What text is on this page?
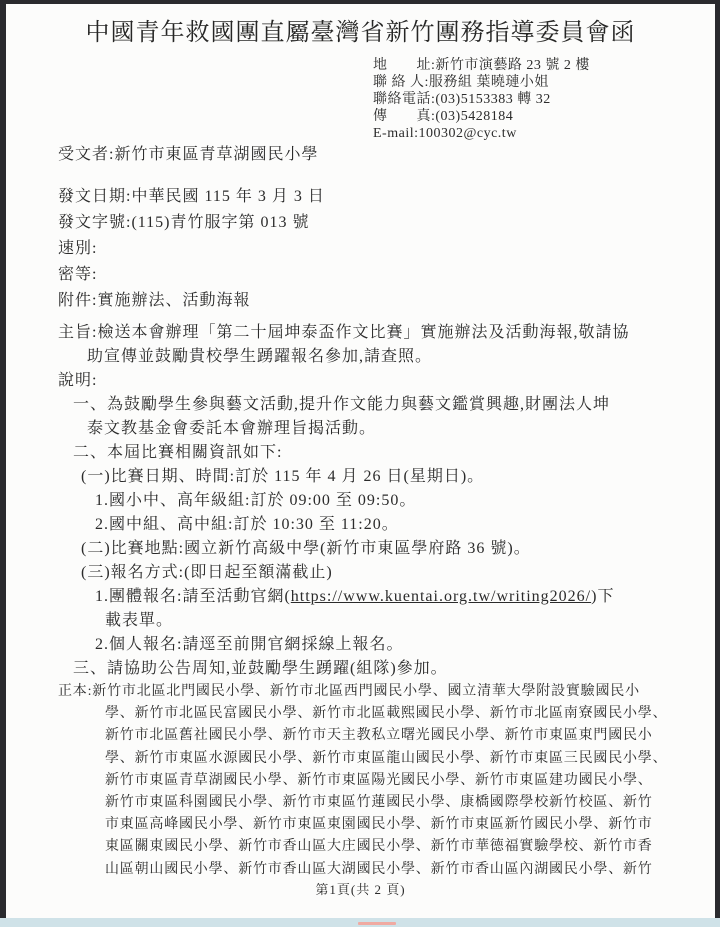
中國青年救國團直屬臺灣省新竹團務指導委員會函
地　　址:新竹市演藝路 23 號 2 樓
聯 絡 人:服務組 葉曉璉小姐
聯絡電話:(03)5153383 轉 32
傳　　真:(03)5428184
E-mail:100302@cyc.tw
受文者:新竹市東區青草湖國民小學
發文日期:中華民國 115 年 3 月 3 日
發文字號:(115)青竹服字第 013 號
速別:
密等:
附件:實施辦法、活動海報
主旨:檢送本會辦理「第二十屆坤泰盃作文比賽」實施辦法及活動海報,敬請協
助宣傳並鼓勵貴校學生踴躍報名參加,請查照。
說明:
一、為鼓勵學生參與藝文活動,提升作文能力與藝文鑑賞興趣,財團法人坤
泰文教基金會委託本會辦理旨揭活動。
二、本屆比賽相關資訊如下:
(一)比賽日期、時間:訂於 115 年 4 月 26 日(星期日)。
1.國小中、高年級組:訂於 09:00 至 09:50。
2.國中組、高中組:訂於 10:30 至 11:20。
(二)比賽地點:國立新竹高級中學(新竹市東區學府路 36 號)。
(三)報名方式:(即日起至額滿截止)
1.團體報名:請至活動官網(https://www.kuentai.org.tw/writing2026/)下
載表單。
2.個人報名:請逕至前開官網採線上報名。
三、請協助公告周知,並鼓勵學生踴躍(組隊)參加。
正本:新竹市北區北門國民小學、新竹市北區西門國民小學、國立清華大學附設實驗國民小
學、新竹市北區民富國民小學、新竹市北區載熙國民小學、新竹市北區南寮國民小學、
新竹市北區舊社國民小學、新竹市天主教私立曙光國民小學、新竹市東區東門國民小
學、新竹市東區水源國民小學、新竹市東區龍山國民小學、新竹市東區三民國民小學、
新竹市東區青草湖國民小學、新竹市東區陽光國民小學、新竹市東區建功國民小學、
新竹市東區科園國民小學、新竹市東區竹蓮國民小學、康橋國際學校新竹校區、新竹
市東區高峰國民小學、新竹市東區東園國民小學、新竹市東區新竹國民小學、新竹市
東區關東國民小學、新竹市香山區大庄國民小學、新竹市華德福實驗學校、新竹市香
山區朝山國民小學、新竹市香山區大湖國民小學、新竹市香山區內湖國民小學、新竹
第1頁(共 2 頁)
